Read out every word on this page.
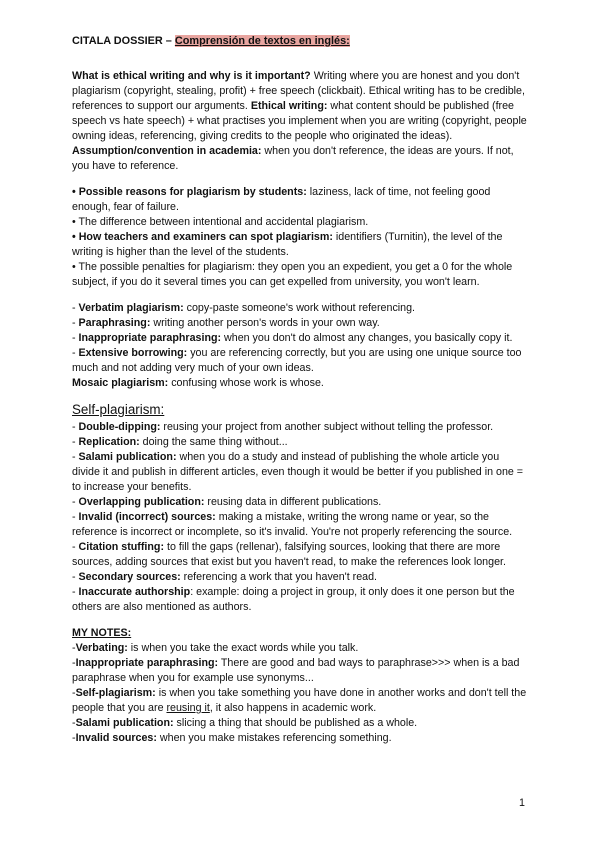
CITALA DOSSIER – Comprensión de textos en inglés:

What is ethical writing and why is it important? Writing where you are honest and you don't plagiarism (copyright, stealing, profit) + free speech (clickbait). Ethical writing has to be credible, references to support our arguments. Ethical writing: what content should be published (free speech vs hate speech) + what practises you implement when you are writing (copyright, people owning ideas, referencing, giving credits to the people who originated the ideas). Assumption/convention in academia: when you don't reference, the ideas are yours. If not, you have to reference.

• Possible reasons for plagiarism by students: laziness, lack of time, not feeling good enough, fear of failure.

• The difference between intentional and accidental plagiarism.

• How teachers and examiners can spot plagiarism: identifiers (Turnitin), the level of the writing is higher than the level of the students.

• The possible penalties for plagiarism: they open you an expedient, you get a 0 for the whole subject, if you do it several times you can get expelled from university, you won't learn.

- Verbatim plagiarism: copy-paste someone's work without referencing.

- Paraphrasing: writing another person's words in your own way.

- Inappropriate paraphrasing: when you don't do almost any changes, you basically copy it.

- Extensive borrowing: you are referencing correctly, but you are using one unique source too much and not adding very much of your own ideas.

Mosaic plagiarism: confusing whose work is whose.

Self-plagiarism:

- Double-dipping: reusing your project from another subject without telling the professor.

- Replication: doing the same thing without...

- Salami publication: when you do a study and instead of publishing the whole article you divide it and publish in different articles, even though it would be better if you published in one = to increase your benefits.

- Overlapping publication: reusing data in different publications.

- Invalid (incorrect) sources: making a mistake, writing the wrong name or year, so the reference is incorrect or incomplete, so it's invalid. You're not properly referencing the source.

- Citation stuffing: to fill the gaps (rellenar), falsifying sources, looking that there are more sources, adding sources that exist but you haven't read, to make the references look longer.

- Secondary sources: referencing a work that you haven't read.

- Inaccurate authorship: example: doing a project in group, it only does it one person but the others are also mentioned as authors.

MY NOTES:

-Verbating: is when you take the exact words while you talk.

-Inappropriate paraphrasing: There are good and bad ways to paraphrase>>> when is a bad paraphrase when you for example use synonyms...

-Self-plagiarism: is when you take something you have done in another works and don't tell the people that you are reusing it, it also happens in academic work.

-Salami publication: slicing a thing that should be published as a whole.

-Invalid sources: when you make mistakes referencing something.

1
